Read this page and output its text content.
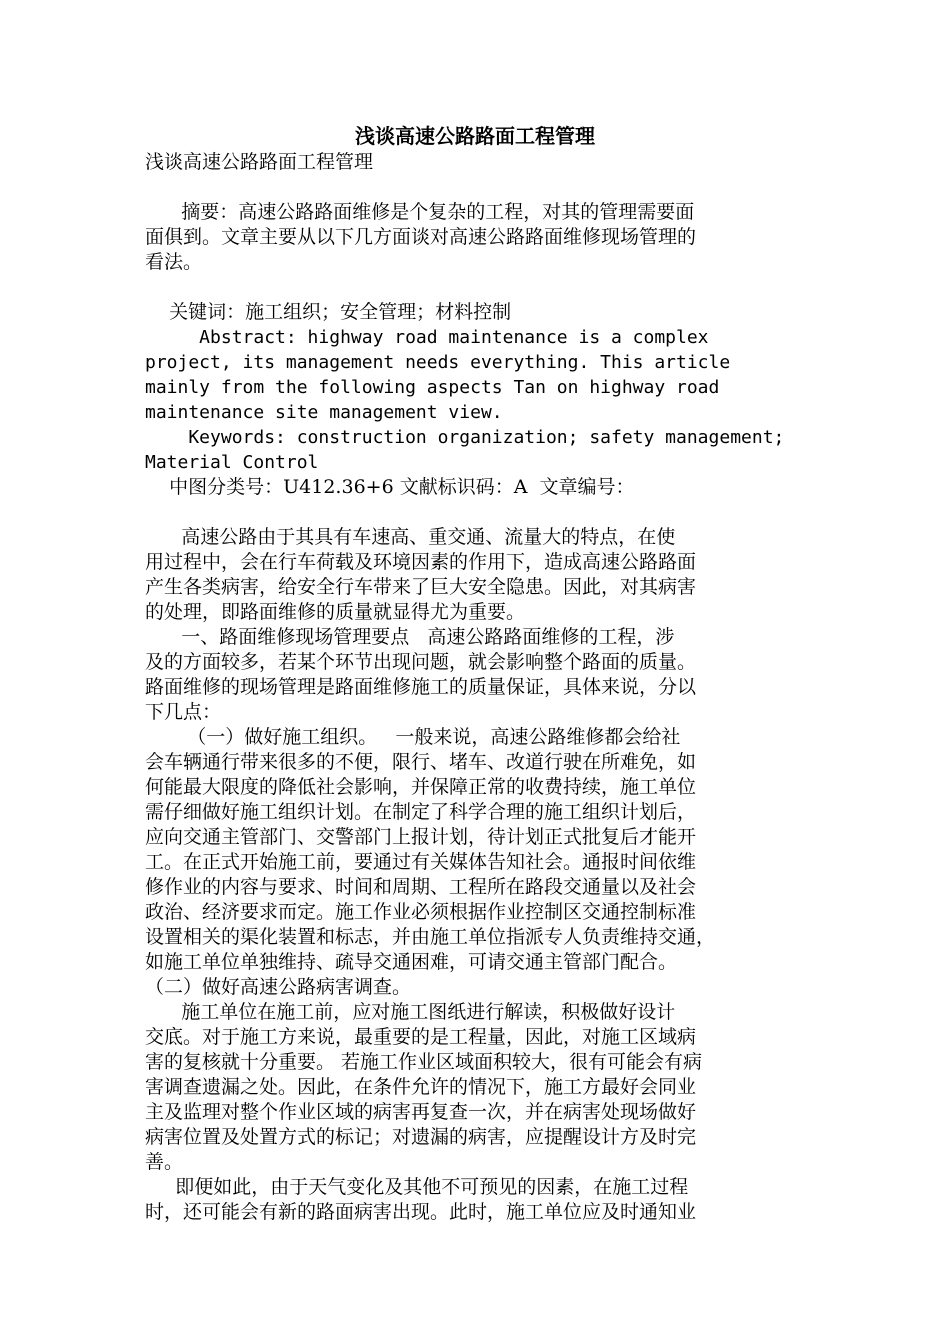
浅谈高速公路路面工程管理
浅谈高速公路路面工程管理
摘要：高速公路路面维修是个复杂的工程，对其的管理需要面
面俱到。文章主要从以下几方面谈对高速公路路面维修现场管理的
看法。
关键词：施工组织；安全管理；材料控制
Abstract: highway road maintenance is a complex
project, its management needs everything. This article
mainly from the following aspects Tan on highway road
maintenance site management view.
Keywords: construction organization; safety management;
Material Control
中图分类号：U412.36+6 文献标识码：A  文章编号：
高速公路由于其具有车速高、重交通、流量大的特点，在使
用过程中，会在行车荷载及环境因素的作用下，造成高速公路路面
产生各类病害，给安全行车带来了巨大安全隐患。因此，对其病害
的处理，即路面维修的质量就显得尤为重要。
一、路面维修现场管理要点   高速公路路面维修的工程，涉
及的方面较多，若某个环节出现问题，就会影响整个路面的质量。
路面维修的现场管理是路面维修施工的质量保证，具体来说，分以
下几点：
（一）做好施工组织。   一般来说，高速公路维修都会给社
会车辆通行带来很多的不便，限行、堵车、改道行驶在所难免，如
何能最大限度的降低社会影响，并保障正常的收费持续，施工单位
需仔细做好施工组织计划。在制定了科学合理的施工组织计划后，
应向交通主管部门、交警部门上报计划，待计划正式批复后才能开
工。在正式开始施工前，要通过有关媒体告知社会。通报时间依维
修作业的内容与要求、时间和周期、工程所在路段交通量以及社会
政治、经济要求而定。施工作业必须根据作业控制区交通控制标准
设置相关的渠化装置和标志，并由施工单位指派专人负责维持交通，
如施工单位单独维持、疏导交通困难，可请交通主管部门配合。
（二）做好高速公路病害调查。
施工单位在施工前，应对施工图纸进行解读，积极做好设计
交底。对于施工方来说，最重要的是工程量，因此，对施工区域病
害的复核就十分重要。 若施工作业区域面积较大，很有可能会有病
害调查遗漏之处。因此，在条件允许的情况下，施工方最好会同业
主及监理对整个作业区域的病害再复查一次，并在病害处现场做好
病害位置及处置方式的标记；对遗漏的病害，应提醒设计方及时完
善。
即便如此，由于天气变化及其他不可预见的因素，在施工过程
时，还可能会有新的路面病害出现。此时，施工单位应及时通知业
